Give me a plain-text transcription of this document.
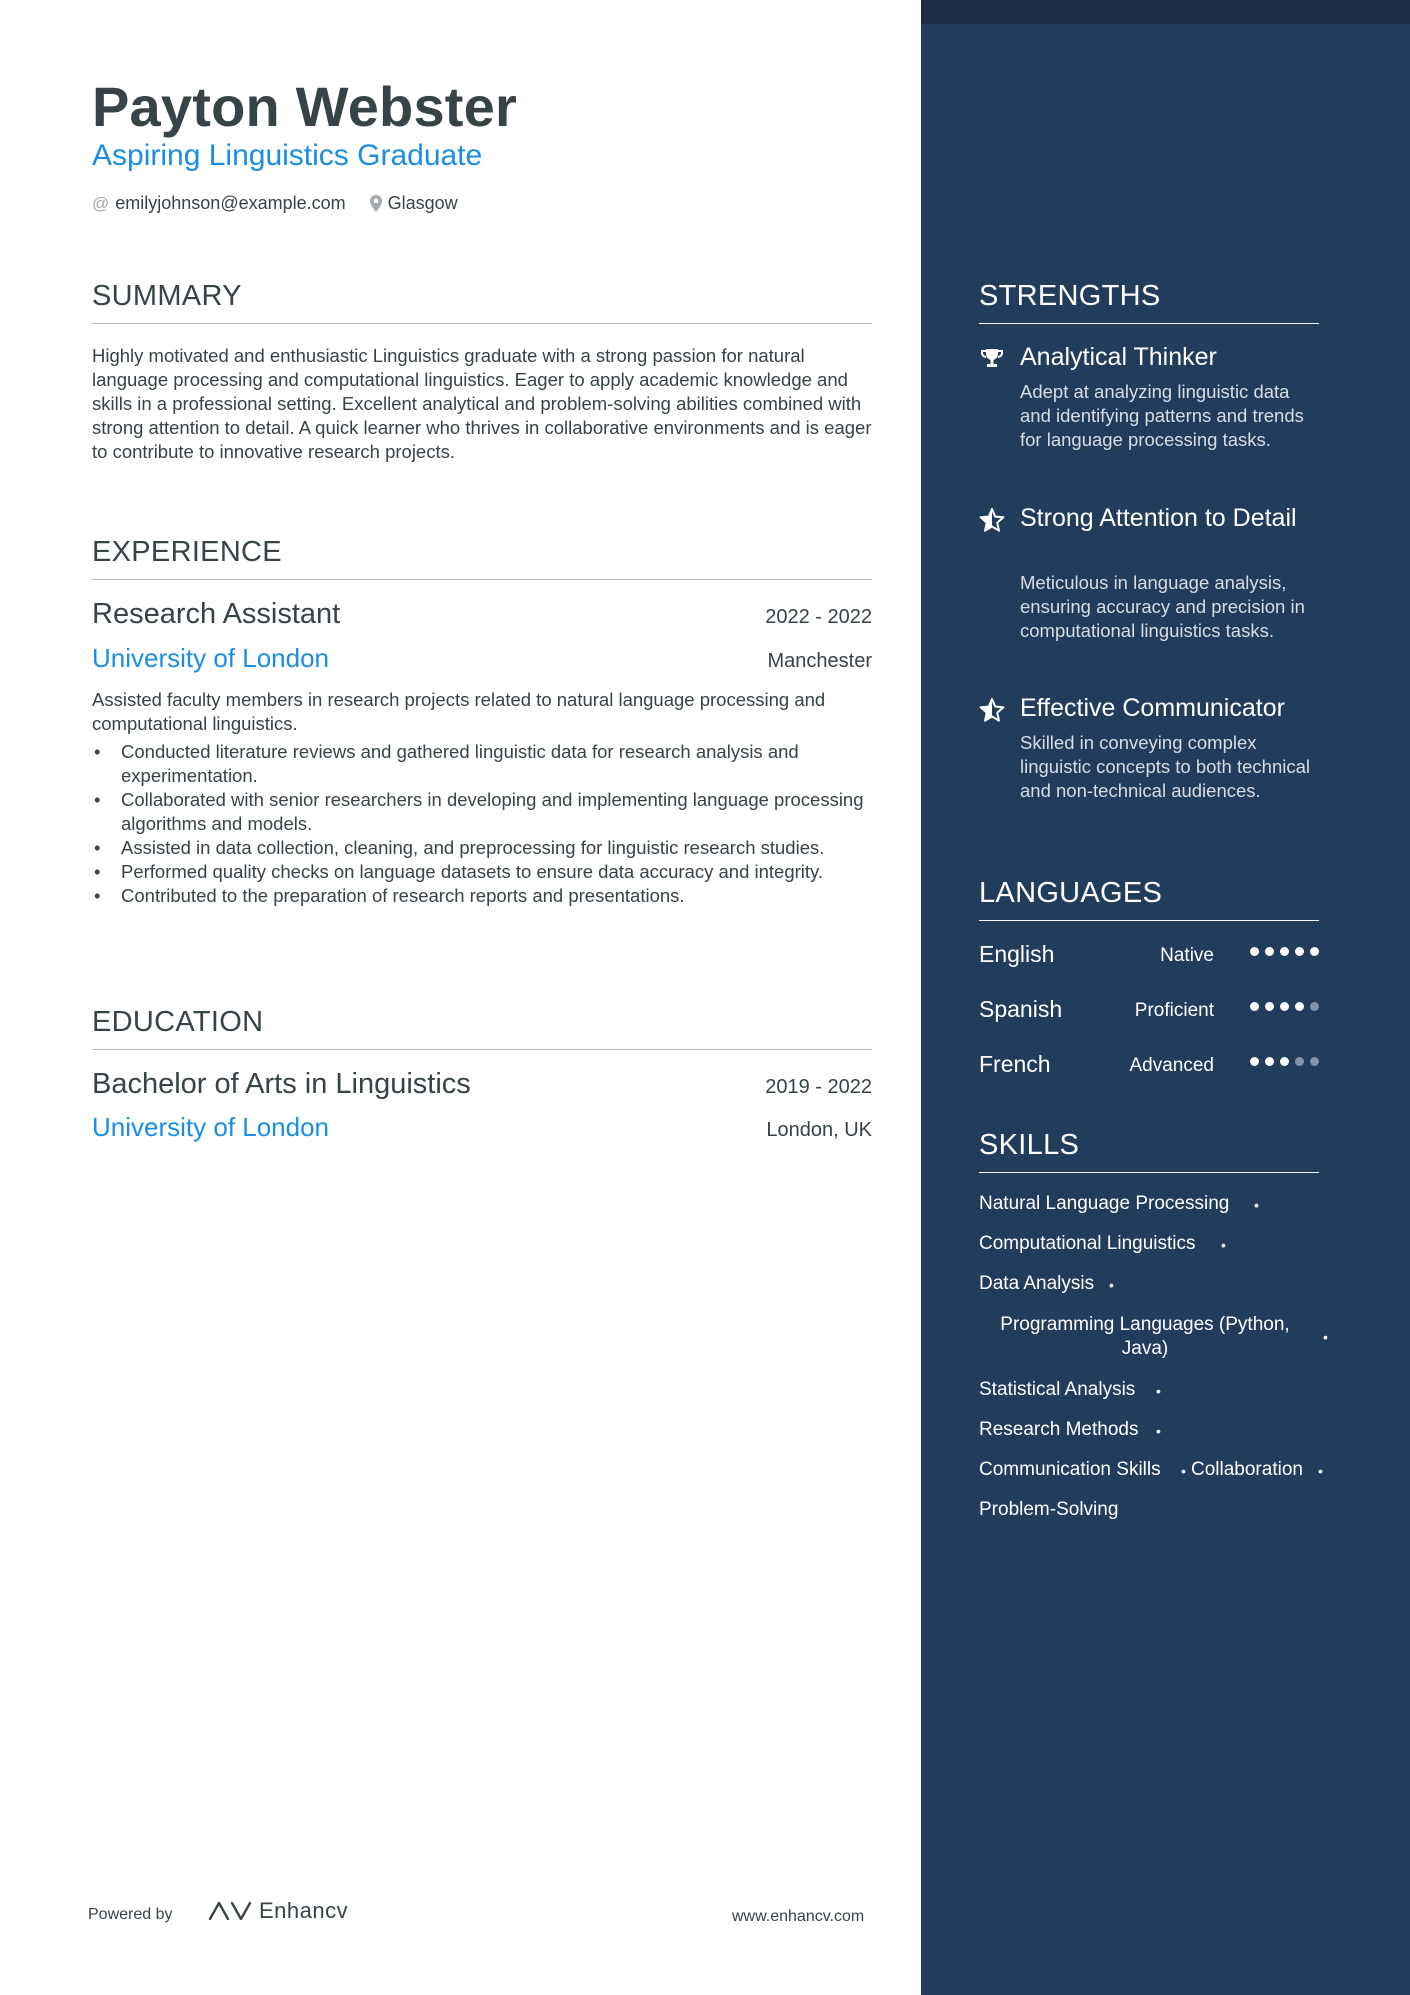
Payton Webster
Aspiring Linguistics Graduate
@ emilyjohnson@example.com Glasgow
SUMMARY
Highly motivated and enthusiastic Linguistics graduate with a strong passion for natural language processing and computational linguistics. Eager to apply academic knowledge and skills in a professional setting. Excellent analytical and problem-solving abilities combined with strong attention to detail. A quick learner who thrives in collaborative environments and is eager to contribute to innovative research projects.
EXPERIENCE
Research Assistant	2022 - 2022
University of London	Manchester
Assisted faculty members in research projects related to natural language processing and computational linguistics.
• Conducted literature reviews and gathered linguistic data for research analysis and experimentation.
• Collaborated with senior researchers in developing and implementing language processing algorithms and models.
• Assisted in data collection, cleaning, and preprocessing for linguistic research studies.
• Performed quality checks on language datasets to ensure data accuracy and integrity.
• Contributed to the preparation of research reports and presentations.
EDUCATION
Bachelor of Arts in Linguistics	2019 - 2022
University of London	London, UK
Powered by	Enhancv	www.enhancv.com
STRENGTHS
Analytical Thinker
Adept at analyzing linguistic data and identifying patterns and trends for language processing tasks.
Strong Attention to Detail
Meticulous in language analysis, ensuring accuracy and precision in computational linguistics tasks.
Effective Communicator
Skilled in conveying complex linguistic concepts to both technical and non-technical audiences.
LANGUAGES
English	Native
Spanish	Proficient
French	Advanced
SKILLS
Natural Language Processing •
Computational Linguistics •
Data Analysis •
Programming Languages (Python, Java)
•
Statistical Analysis •
Research Methods •
Communication Skills • Collaboration •
Problem-Solving
